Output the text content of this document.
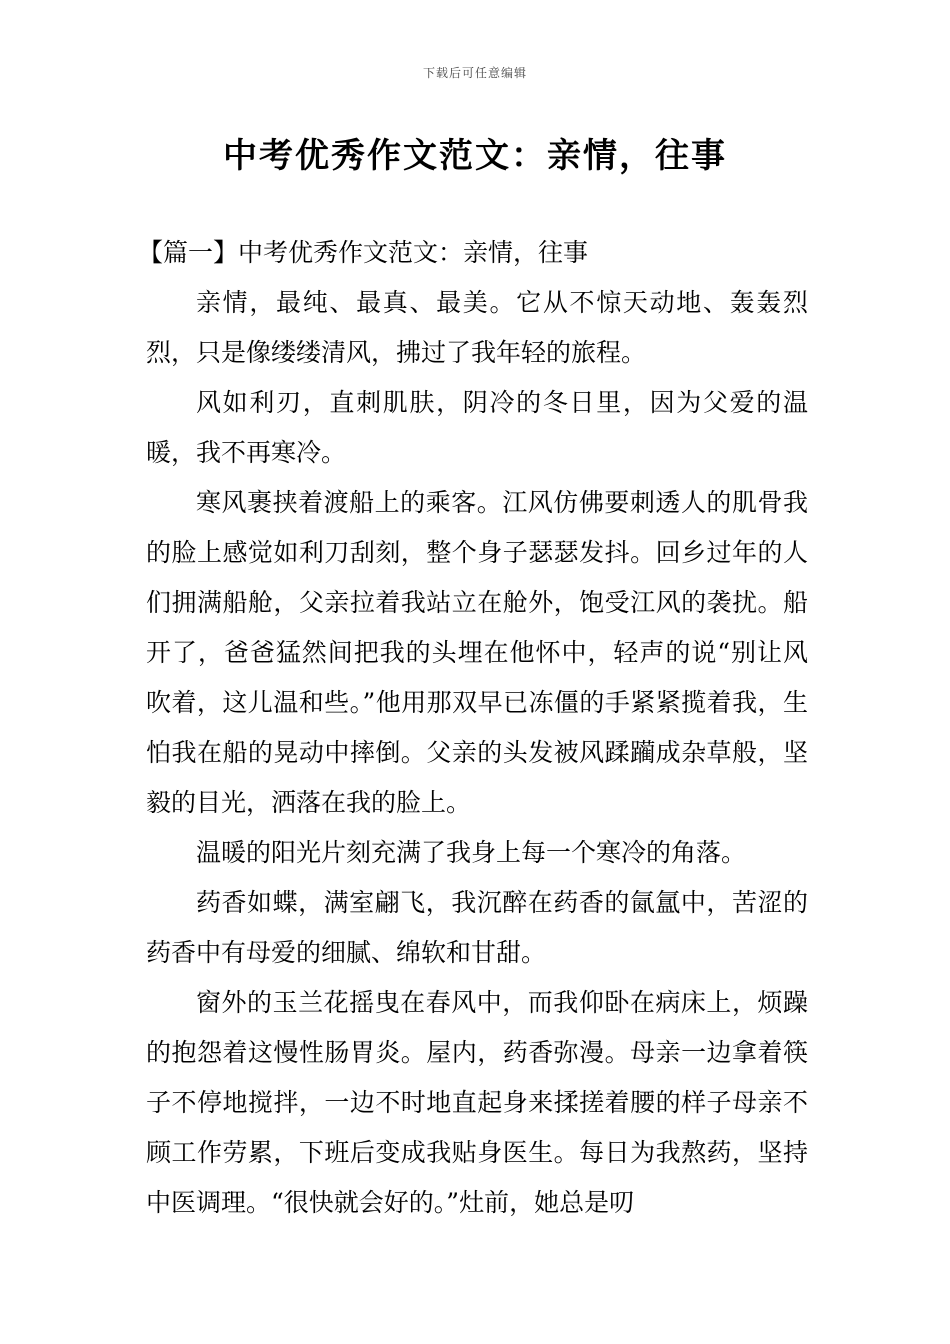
下载后可任意编辑
中考优秀作文范文：亲情，往事

【篇一】中考优秀作文范文：亲情，往事

亲情，最纯、最真、最美。它从不惊天动地、轰轰烈烈，只是像缕缕清风，拂过了我年轻的旅程。

风如利刃，直刺肌肤，阴冷的冬日里，因为父爱的温暖，我不再寒冷。

寒风裹挟着渡船上的乘客。江风仿佛要刺透人的肌骨我的脸上感觉如利刀刮刻，整个身子瑟瑟发抖。回乡过年的人们拥满船舱，父亲拉着我站立在舱外，饱受江风的袭扰。船开了，爸爸猛然间把我的头埋在他怀中，轻声的说“别让风吹着，这儿温和些。”他用那双早已冻僵的手紧紧揽着我，生怕我在船的晃动中摔倒。父亲的头发被风蹂躏成杂草般，坚毅的目光，洒落在我的脸上。

温暖的阳光片刻充满了我身上每一个寒冷的角落。

药香如蝶，满室翩飞，我沉醉在药香的氤氲中，苦涩的药香中有母爱的细腻、绵软和甘甜。

窗外的玉兰花摇曳在春风中，而我仰卧在病床上，烦躁的抱怨着这慢性肠胃炎。屋内，药香弥漫。母亲一边拿着筷子不停地搅拌，一边不时地直起身来揉搓着腰的样子母亲不顾工作劳累，下班后变成我贴身医生。每日为我熬药，坚持中医调理。“很快就会好的。”灶前，她总是叨
